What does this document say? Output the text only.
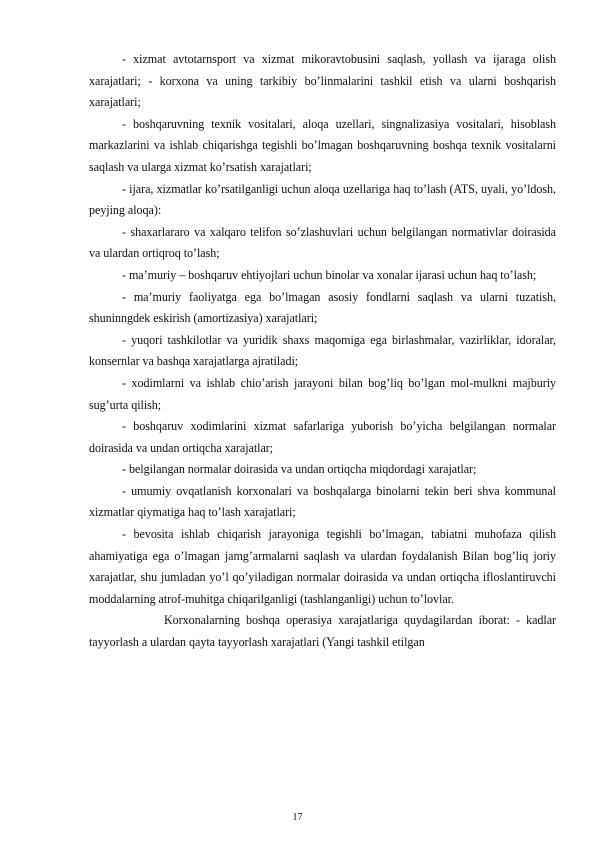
- xizmat avtotarnsport va xizmat mikoravtobusini saqlash, yollash va ijaraga olish xarajatlari; - korxona va uning tarkibiy bo’linmalarini tashkil etish va ularni boshqarish xarajatlari;

- boshqaruvning texnik vositalari, aloqa uzellari, singnalizasiya vositalari, hisoblash markazlarini va ishlab chiqarishga tegishli bo’lmagan boshqaruvning boshqa texnik vositalarni saqlash va ularga xizmat ko’rsatish xarajatlari;

- ijara, xizmatlar ko’rsatilganligi uchun aloqa uzellariga haq to’lash (ATS, uyali, yo’ldosh, peyjing aloqa):

- shaxarlararo va xalqaro telifon so’zlashuvlari uchun belgilangan normativlar doirasida va ulardan ortiqroq to’lash;

- ma’muriy – boshqaruv ehtiyojlari uchun binolar va xonalar ijarasi uchun haq to’lash;

- ma’muriy faoliyatga ega bo’lmagan asosiy fondlarni saqlash va ularni tuzatish, shuninngdek eskirish (amortizasiya) xarajatlari;

- yuqori tashkilotlar va yuridik shaxs maqomiga ega birlashmalar, vazirliklar, idoralar, konsernlar va bashqa xarajatlarga ajratiladi;

- xodimlarni va ishlab chio’arish jarayoni bilan bog’liq bo’lgan mol-mulkni majburiy sug’urta qilish;

- boshqaruv xodimlarini xizmat safarlariga yuborish bo’yicha belgilangan normalar doirasida va undan ortiqcha xarajatlar;

- belgilangan normalar doirasida va undan ortiqcha miqdordagi xarajatlar;

- umumiy ovqatlanish korxonalari va boshqalarga binolarni tekin beri shva kommunal xizmatlar qiymatiga haq to’lash xarajatlari;

- bevosita ishlab chiqarish jarayoniga tegishli bo’lmagan, tabiatni muhofaza qilish ahamiyatiga ega o’lmagan jamg’armalarni saqlash va ulardan foydalanish Bilan bog’liq joriy xarajatlar, shu jumladan yo’l qo’yiladigan normalar doirasida va undan ortiqcha ifloslantiruvchi moddalarning atrof-muhitga chiqarilganligi (tashlanganligi) uchun to’lovlar.

Korxonalarning boshqa operasiya xarajatlariga quydagilardan iborat: - kadlar tayyorlash a ulardan qayta tayyorlash xarajatlari (Yangi tashkil etilgan

17
